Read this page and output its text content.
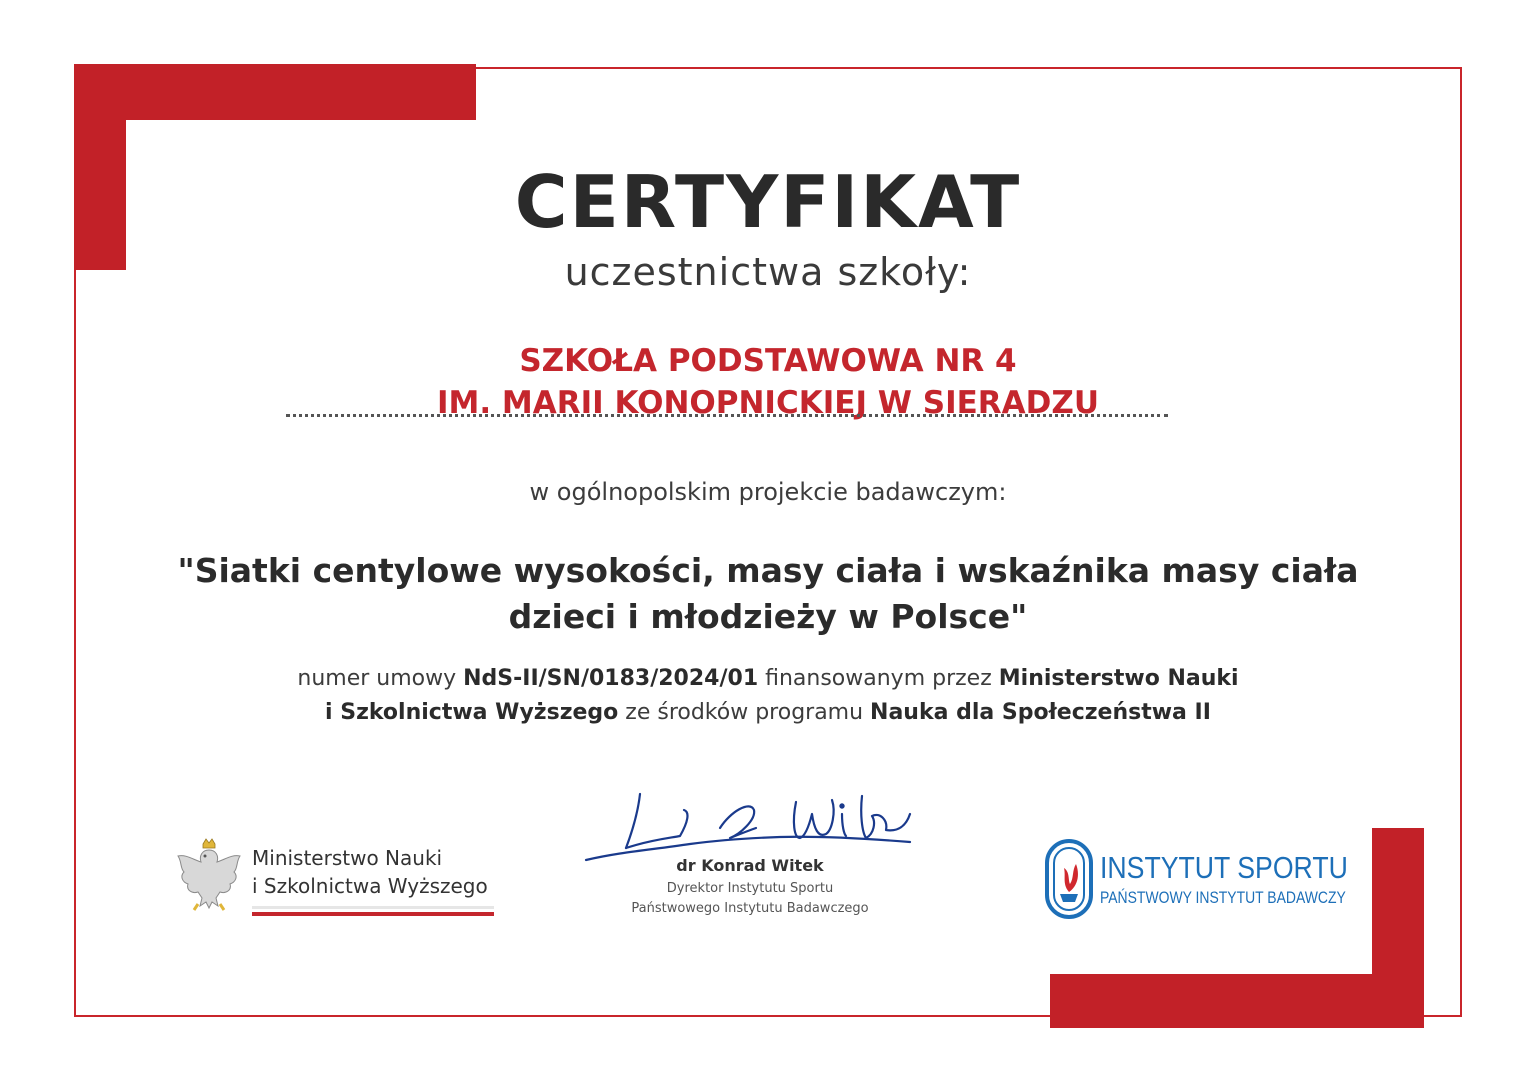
CERTYFIKAT
uczestnictwa szkoły:
SZKOŁA PODSTAWOWA NR 4
IM. MARII KONOPNICKIEJ W SIERADZU
w ogólnopolskim projekcie badawczym:
"Siatki centylowe wysokości, masy ciała i wskaźnika masy ciała
dzieci i młodzieży w Polsce"
numer umowy NdS-II/SN/0183/2024/01 finansowanym przez Ministerstwo Nauki
i Szkolnictwa Wyższego ze środków programu Nauka dla Społeczeństwa II
Ministerstwo Nauki
i Szkolnictwa Wyższego
dr Konrad Witek
Dyrektor Instytutu Sportu
Państwowego Instytutu Badawczego
INSTYTUT SPORTU
PAŃSTWOWY INSTYTUT BADAWCZY
